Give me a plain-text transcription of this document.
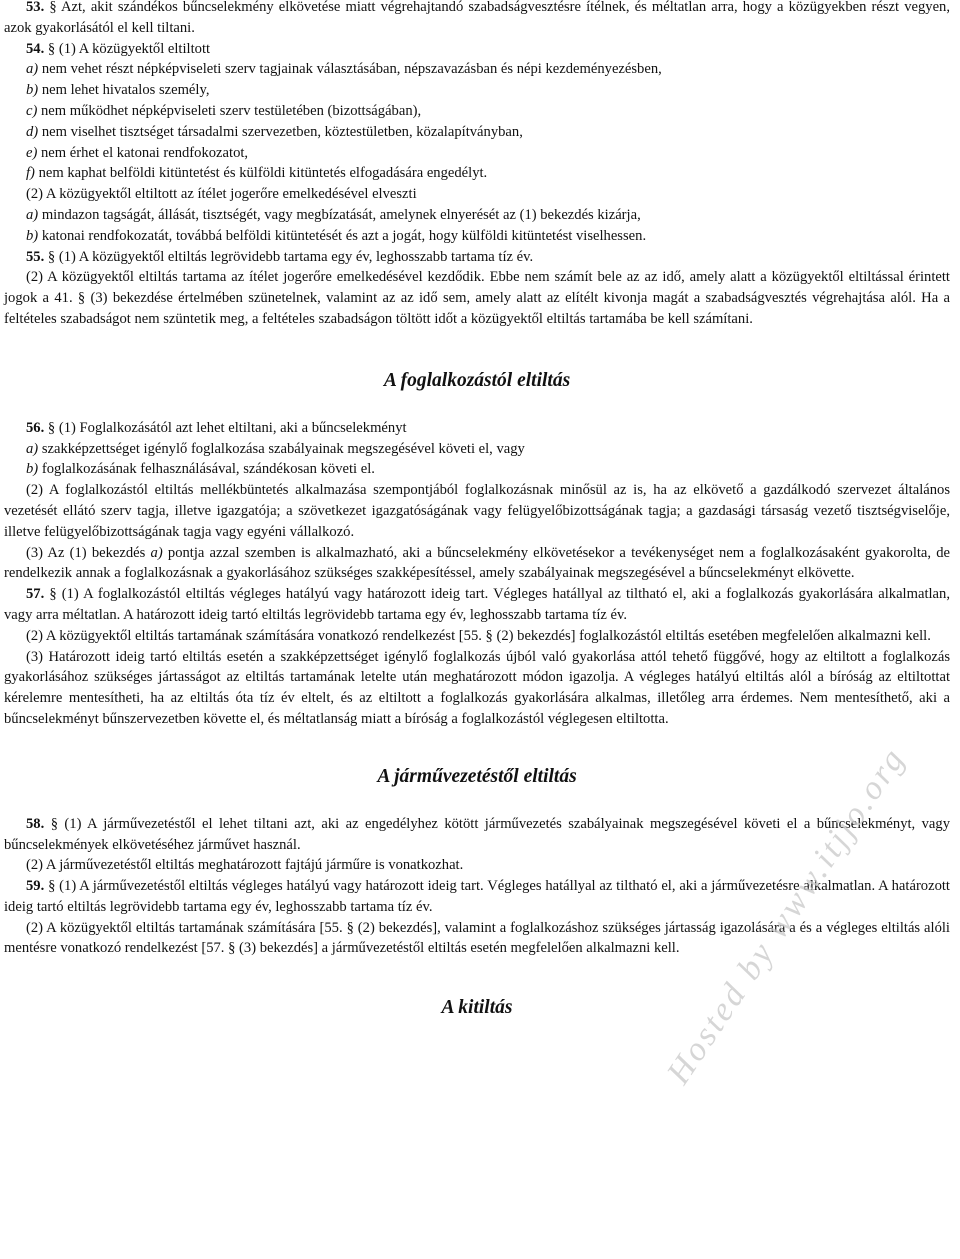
53. § Azt, akit szándékos bűncselekmény elkövetése miatt végrehajtandó szabadságvesztésre ítélnek, és méltatlan arra, hogy a közügyekben részt vegyen, azok gyakorlásától el kell tiltani.

54. § (1) A közügyektől eltiltott

a) nem vehet részt népképviseleti szerv tagjainak választásában, népszavazásban és népi kezdeményezésben,

b) nem lehet hivatalos személy,

c) nem működhet népképviseleti szerv testületében (bizottságában),

d) nem viselhet tisztséget társadalmi szervezetben, köztestületben, közalapítványban,

e) nem érhet el katonai rendfokozatot,

f) nem kaphat belföldi kitüntetést és külföldi kitüntetés elfogadására engedélyt.

(2) A közügyektől eltiltott az ítélet jogerőre emelkedésével elveszti

a) mindazon tagságát, állását, tisztségét, vagy megbízatását, amelynek elnyerését az (1) bekezdés kizárja,

b) katonai rendfokozatát, továbbá belföldi kitüntetését és azt a jogát, hogy külföldi kitüntetést viselhessen.

55. § (1) A közügyektől eltiltás legrövidebb tartama egy év, leghosszabb tartama tíz év.

(2) A közügyektől eltiltás tartama az ítélet jogerőre emelkedésével kezdődik. Ebbe nem számít bele az az idő, amely alatt a közügyektől eltiltással érintett jogok a 41. § (3) bekezdése értelmében szünetelnek, valamint az az idő sem, amely alatt az elítélt kivonja magát a szabadságvesztés végrehajtása alól. Ha a feltételes szabadságot nem szüntetik meg, a feltételes szabadságon töltött időt a közügyektől eltiltás tartamába be kell számítani.

A foglalkozástól eltiltás

56. § (1) Foglalkozásától azt lehet eltiltani, aki a bűncselekményt

a) szakképzettséget igénylő foglalkozása szabályainak megszegésével követi el, vagy

b) foglalkozásának felhasználásával, szándékosan követi el.

(2) A foglalkozástól eltiltás mellékbüntetés alkalmazása szempontjából foglalkozásnak minősül az is, ha az elkövető a gazdálkodó szervezet általános vezetését ellátó szerv tagja, illetve igazgatója; a szövetkezet igazgatóságának vagy felügyelőbizottságának tagja; a gazdasági társaság vezető tisztségviselője, illetve felügyelőbizottságának tagja vagy egyéni vállalkozó.

(3) Az (1) bekezdés a) pontja azzal szemben is alkalmazható, aki a bűncselekmény elkövetésekor a tevékenységet nem a foglalkozásaként gyakorolta, de rendelkezik annak a foglalkozásnak a gyakorlásához szükséges szakképesítéssel, amely szabályainak megszegésével a bűncselekményt elkövette.

57. § (1) A foglalkozástól eltiltás végleges hatályú vagy határozott ideig tart. Végleges hatállyal az tiltható el, aki a foglalkozás gyakorlására alkalmatlan, vagy arra méltatlan. A határozott ideig tartó eltiltás legrövidebb tartama egy év, leghosszabb tartama tíz év.

(2) A közügyektől eltiltás tartamának számítására vonatkozó rendelkezést [55. § (2) bekezdés] foglalkozástól eltiltás esetében megfelelően alkalmazni kell.

(3) Határozott ideig tartó eltiltás esetén a szakképzettséget igénylő foglalkozás újból való gyakorlása attól tehető függővé, hogy az eltiltott a foglalkozás gyakorlásához szükséges jártasságot az eltiltás tartamának letelte után meghatározott módon igazolja. A végleges hatályú eltiltás alól a bíróság az eltiltottat kérelemre mentesítheti, ha az eltiltás óta tíz év eltelt, és az eltiltott a foglalkozás gyakorlására alkalmas, illetőleg arra érdemes. Nem mentesíthető, aki a bűncselekményt bűnszervezetben követte el, és méltatlanság miatt a bíróság a foglalkozástól véglegesen eltiltotta.

A járművezetéstől eltiltás

58. § (1) A járművezetéstől el lehet tiltani azt, aki az engedélyhez kötött járművezetés szabályainak megszegésével követi el a bűncselekményt, vagy bűncselekmények elkövetéséhez járművet használ.

(2) A járművezetéstől eltiltás meghatározott fajtájú járműre is vonatkozhat.

59. § (1) A járművezetéstől eltiltás végleges hatályú vagy határozott ideig tart. Végleges hatállyal az tiltható el, aki a járművezetésre alkalmatlan. A határozott ideig tartó eltiltás legrövidebb tartama egy év, leghosszabb tartama tíz év.

(2) A közügyektől eltiltás tartamának számítására [55. § (2) bekezdés], valamint a foglalkozáshoz szükséges jártasság igazolására a és a végleges eltiltás alóli mentésre vonatkozó rendelkezést [57. § (3) bekezdés] a járművezetéstől eltiltás esetén megfelelően alkalmazni kell.

A kitiltás	Hosted by www.itjjo.org
